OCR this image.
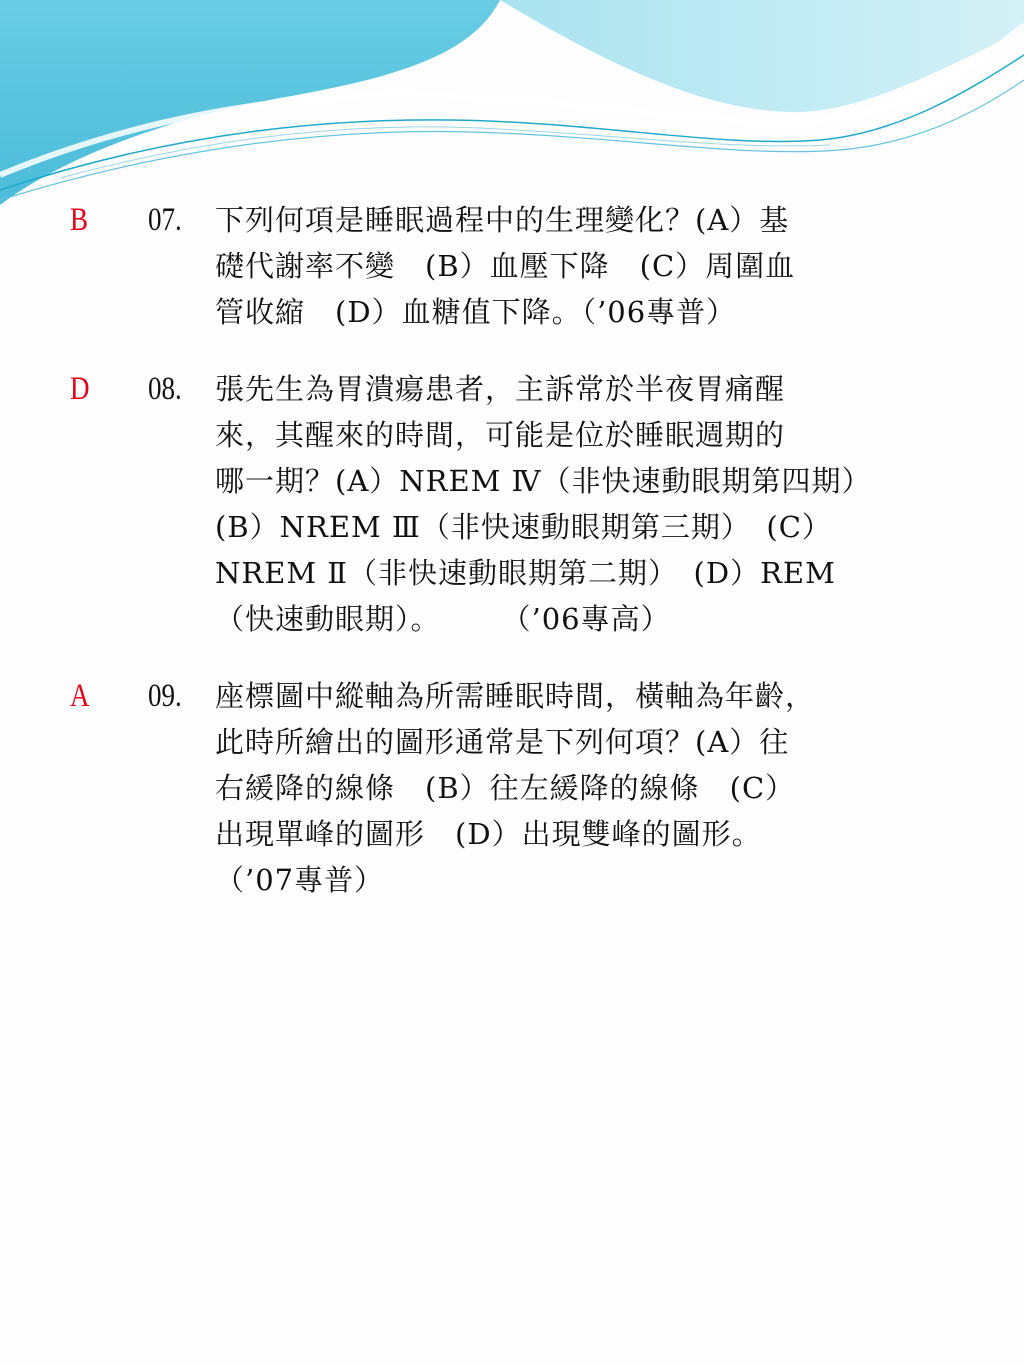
B 07. 下列何項是睡眠過程中的生理變化？(A）基
礎代謝率不變　(B）血壓下降　(C）周圍血
管收縮　(D）血糖值下降。（’06專普）
D 08. 張先生為胃潰瘍患者，主訴常於半夜胃痛醒
來，其醒來的時間，可能是位於睡眠週期的
哪一期？(A）NREM Ⅳ（非快速動眼期第四期）
(B）NREM Ⅲ（非快速動眼期第三期）　(C）
NREM Ⅱ（非快速動眼期第二期）　(D）REM
（快速動眼期）。　　　（’06專高）
A 09. 座標圖中縱軸為所需睡眠時間，橫軸為年齡，
此時所繪出的圖形通常是下列何項？(A）往
右緩降的線條　(B）往左緩降的線條　(C）
出現單峰的圖形　(D）出現雙峰的圖形。
（’07專普）
